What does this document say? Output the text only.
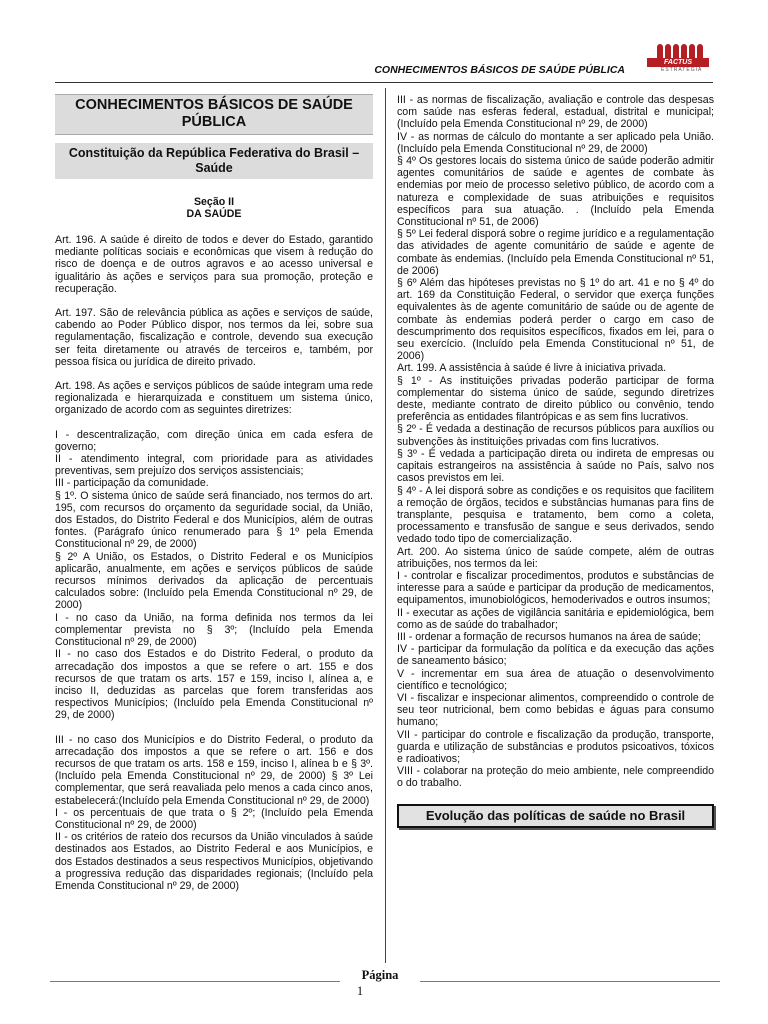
CONHECIMENTOS BÁSICOS DE SAÚDE PÚBLICA
FACTUS
ESTRATÉGIA
CONHECIMENTOS BÁSICOS DE SAÚDE PÚBLICA
Constituição da República Federativa do Brasil – Saúde
Seção II
DA SAÚDE

Art. 196. A saúde é direito de todos e dever do Estado, garantido mediante políticas sociais e econômicas que visem à redução do risco de doença e de outros agravos e ao acesso universal e igualitário às ações e serviços para sua promoção, proteção e recuperação.

Art. 197. São de relevância pública as ações e serviços de saúde, cabendo ao Poder Público dispor, nos termos da lei, sobre sua regulamentação, fiscalização e controle, devendo sua execução ser feita diretamente ou através de terceiros e, também, por pessoa física ou jurídica de direito privado.

Art. 198. As ações e serviços públicos de saúde integram uma rede regionalizada e hierarquizada e constituem um sistema único, organizado de acordo com as seguintes diretrizes:

I - descentralização, com direção única em cada esfera de governo;

II - atendimento integral, com prioridade para as atividades preventivas, sem prejuízo dos serviços assistenciais;

III - participação da comunidade.

§ 1º. O sistema único de saúde será financiado, nos termos do art. 195, com recursos do orçamento da seguridade social, da União, dos Estados, do Distrito Federal e dos Municípios, além de outras fontes. (Parágrafo único renumerado para § 1º pela Emenda Constitucional nº 29, de 2000)

§ 2º A União, os Estados, o Distrito Federal e os Municípios aplicarão, anualmente, em ações e serviços públicos de saúde recursos mínimos derivados da aplicação de percentuais calculados sobre: (Incluído pela Emenda Constitucional nº 29, de 2000)

I - no caso da União, na forma definida nos termos da lei complementar prevista no § 3º; (Incluído pela Emenda Constitucional nº 29, de 2000)

II - no caso dos Estados e do Distrito Federal, o produto da arrecadação dos impostos a que se refere o art. 155 e dos recursos de que tratam os arts. 157 e 159, inciso I, alínea a, e inciso II, deduzidas as parcelas que forem transferidas aos respectivos Municípios; (Incluído pela Emenda Constitucional nº 29, de 2000)

III - no caso dos Municípios e do Distrito Federal, o produto da arrecadação dos impostos a que se refere o art. 156 e dos recursos de que tratam os arts. 158 e 159, inciso I, alínea b e § 3º.(Incluído pela Emenda Constitucional nº 29, de 2000) § 3º Lei complementar, que será reavaliada pelo menos a cada cinco anos, estabelecerá:(Incluído pela Emenda Constitucional nº 29, de 2000)

I - os percentuais de que trata o § 2º; (Incluído pela Emenda Constitucional nº 29, de 2000)

II - os critérios de rateio dos recursos da União vinculados à saúde destinados aos Estados, ao Distrito Federal e aos Municípios, e dos Estados destinados a seus respectivos Municípios, objetivando a progressiva redução das disparidades regionais; (Incluído pela Emenda Constitucional nº 29, de 2000)

III - as normas de fiscalização, avaliação e controle das despesas com saúde nas esferas federal, estadual, distrital e municipal; (Incluído pela Emenda Constitucional nº 29, de 2000)

IV - as normas de cálculo do montante a ser aplicado pela União.(Incluído pela Emenda Constitucional nº 29, de 2000)

§ 4º Os gestores locais do sistema único de saúde poderão admitir agentes comunitários de saúde e agentes de combate às endemias por meio de processo seletivo público, de acordo com a natureza e complexidade de suas atribuições e requisitos específicos para sua atuação. . (Incluído pela Emenda Constitucional nº 51, de 2006)

§ 5º Lei federal disporá sobre o regime jurídico e a regulamentação das atividades de agente comunitário de saúde e agente de combate às endemias. (Incluído pela Emenda Constitucional nº 51, de 2006)

§ 6º Além das hipóteses previstas no § 1º do art. 41 e no § 4º do art. 169 da Constituição Federal, o servidor que exerça funções equivalentes às de agente comunitário de saúde ou de agente de combate às endemias poderá perder o cargo em caso de descumprimento dos requisitos específicos, fixados em lei, para o seu exercício. (Incluído pela Emenda Constitucional nº 51, de 2006)

Art. 199. A assistência à saúde é livre à iniciativa privada.

§ 1º - As instituições privadas poderão participar de forma complementar do sistema único de saúde, segundo diretrizes deste, mediante contrato de direito público ou convênio, tendo preferência as entidades filantrópicas e as sem fins lucrativos.

§ 2º - É vedada a destinação de recursos públicos para auxílios ou subvenções às instituições privadas com fins lucrativos.

§ 3º - É vedada a participação direta ou indireta de empresas ou capitais estrangeiros na assistência à saúde no País, salvo nos casos previstos em lei.

§ 4º - A lei disporá sobre as condições e os requisitos que facilitem a remoção de órgãos, tecidos e substâncias humanas para fins de transplante, pesquisa e tratamento, bem como a coleta, processamento e transfusão de sangue e seus derivados, sendo vedado todo tipo de comercialização.

Art. 200. Ao sistema único de saúde compete, além de outras atribuições, nos termos da lei:

I - controlar e fiscalizar procedimentos, produtos e substâncias de interesse para a saúde e participar da produção de medicamentos, equipamentos, imunobiológicos, hemoderivados e outros insumos;

II - executar as ações de vigilância sanitária e epidemiológica, bem como as de saúde do trabalhador;

III - ordenar a formação de recursos humanos na área de saúde;

IV - participar da formulação da política e da execução das ações de saneamento básico;

V - incrementar em sua área de atuação o desenvolvimento científico e tecnológico;

VI - fiscalizar e inspecionar alimentos, compreendido o controle de seu teor nutricional, bem como bebidas e águas para consumo humano;

VII - participar do controle e fiscalização da produção, transporte, guarda e utilização de substâncias e produtos psicoativos, tóxicos e radioativos;

VIII - colaborar na proteção do meio ambiente, nele compreendido o do trabalho.

Evolução das políticas de saúde no Brasil
Página
1
